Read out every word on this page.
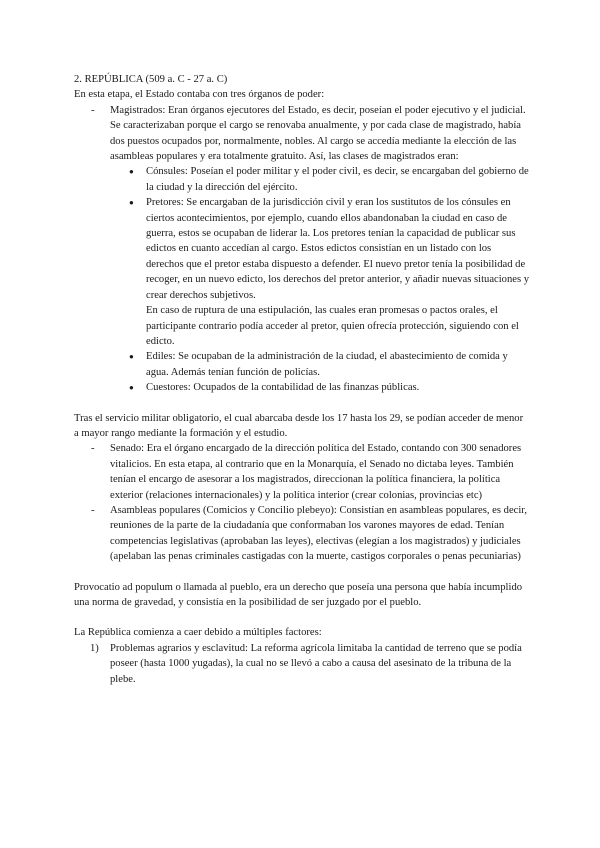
2. REPÚBLICA (509 a. C - 27 a. C)

En esta etapa, el Estado contaba con tres órganos de poder:

- Magistrados: Eran órganos ejecutores del Estado, es decir, poseían el poder ejecutivo y el judicial. Se caracterizaban porque el cargo se renovaba anualmente, y por cada clase de magistrado, había dos puestos ocupados por, normalmente, nobles. Al cargo se accedía mediante la elección de las asambleas populares y era totalmente gratuito. Así, las clases de magistrados eran:

● Cónsules: Poseían el poder militar y el poder civil, es decir, se encargaban del gobierno de la ciudad y la dirección del ejército.

● Pretores: Se encargaban de la jurisdicción civil y eran los sustitutos de los cónsules en ciertos acontecimientos, por ejemplo, cuando ellos abandonaban la ciudad en caso de guerra, estos se ocupaban de liderar la. Los pretores tenían la capacidad de publicar sus edictos en cuanto accedían al cargo. Estos edictos consistían en un listado con los derechos que el pretor estaba dispuesto a defender. El nuevo pretor tenía la posibilidad de recoger, en un nuevo edicto, los derechos del pretor anterior, y añadir nuevas situaciones y crear derechos subjetivos.

En caso de ruptura de una estipulación, las cuales eran promesas o pactos orales, el participante contrario podía acceder al pretor, quien ofrecía protección, siguiendo con el edicto.

● Ediles: Se ocupaban de la administración de la ciudad, el abastecimiento de comida y agua. Además tenían función de policías.

● Cuestores: Ocupados de la contabilidad de las finanzas públicas.

Tras el servicio militar obligatorio, el cual abarcaba desde los 17 hasta los 29, se podían acceder de menor a mayor rango mediante la formación y el estudio.

- Senado: Era el órgano encargado de la dirección política del Estado, contando con 300 senadores vitalicios. En esta etapa, al contrario que en la Monarquía, el Senado no dictaba leyes. También tenían el encargo de asesorar a los magistrados, direccionan la política financiera, la política exterior (relaciones internacionales) y la política interior (crear colonias, provincias etc)

- Asambleas populares (Comicios y Concilio plebeyo): Consistían en asambleas populares, es decir, reuniones de la parte de la ciudadanía que conformaban los varones mayores de edad. Tenían competencias legislativas (aprobaban las leyes), electivas (elegían a los magistrados) y judiciales (apelaban las penas criminales castigadas con la muerte, castigos corporales o penas pecuniarias)

Provocatio ad populum o llamada al pueblo, era un derecho que poseía una persona que había incumplido una norma de gravedad, y consistía en la posibilidad de ser juzgado por el pueblo.

La República comienza a caer debido a múltiples factores:

1) Problemas agrarios y esclavitud: La reforma agrícola limitaba la cantidad de terreno que se podía poseer (hasta 1000 yugadas), la cual no se llevó a cabo a causa del asesinato de la tribuna de la plebe.
